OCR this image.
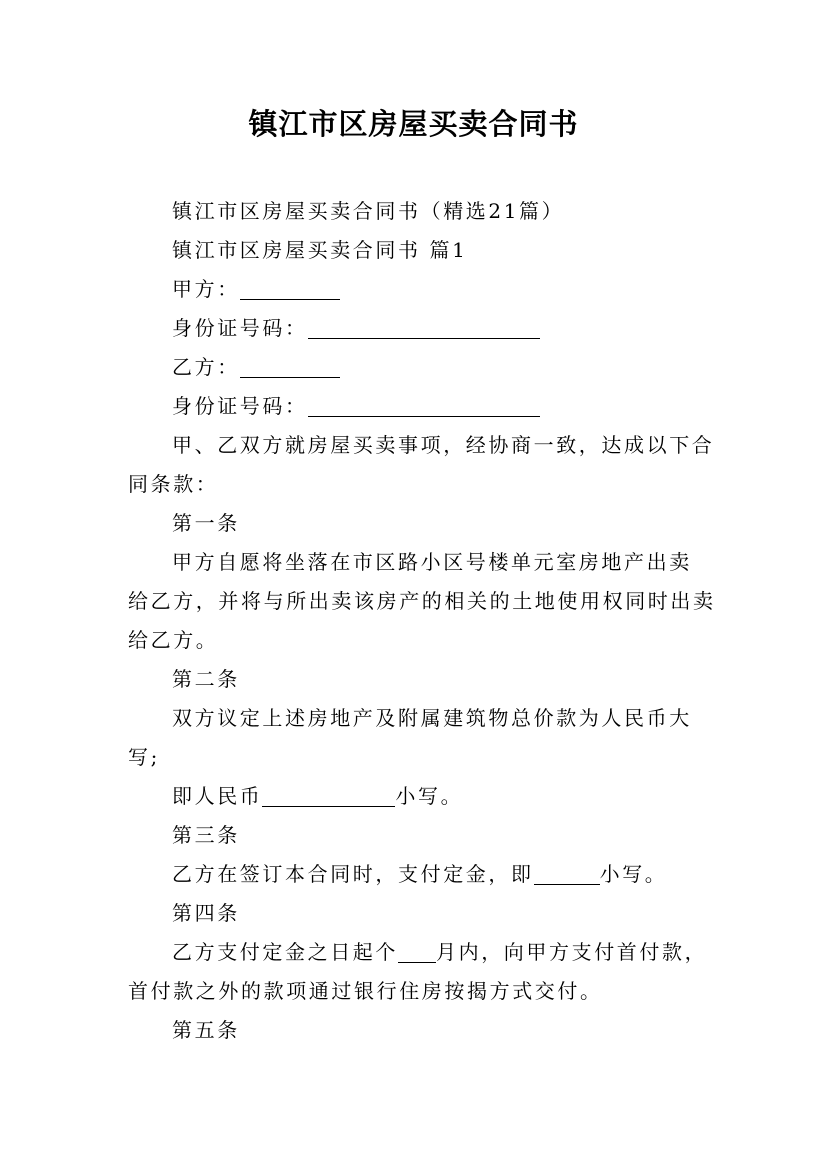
镇江市区房屋买卖合同书

镇江市区房屋买卖合同书（精选21篇）

镇江市区房屋买卖合同书 篇1

甲方：

身份证号码：

乙方：

身份证号码：

甲、乙双方就房屋买卖事项，经协商一致，达成以下合

同条款：

第一条

甲方自愿将坐落在市区路小区号楼单元室房地产出卖

给乙方，并将与所出卖该房产的相关的土地使用权同时出卖

给乙方。

第二条

双方议定上述房地产及附属建筑物总价款为人民币大

写;

即人民币	小写。

第三条

乙方在签订本合同时，支付定金，即	小写。

第四条

乙方支付定金之日起个 月内，向甲方支付首付款，

首付款之外的款项通过银行住房按揭方式交付。

第五条
